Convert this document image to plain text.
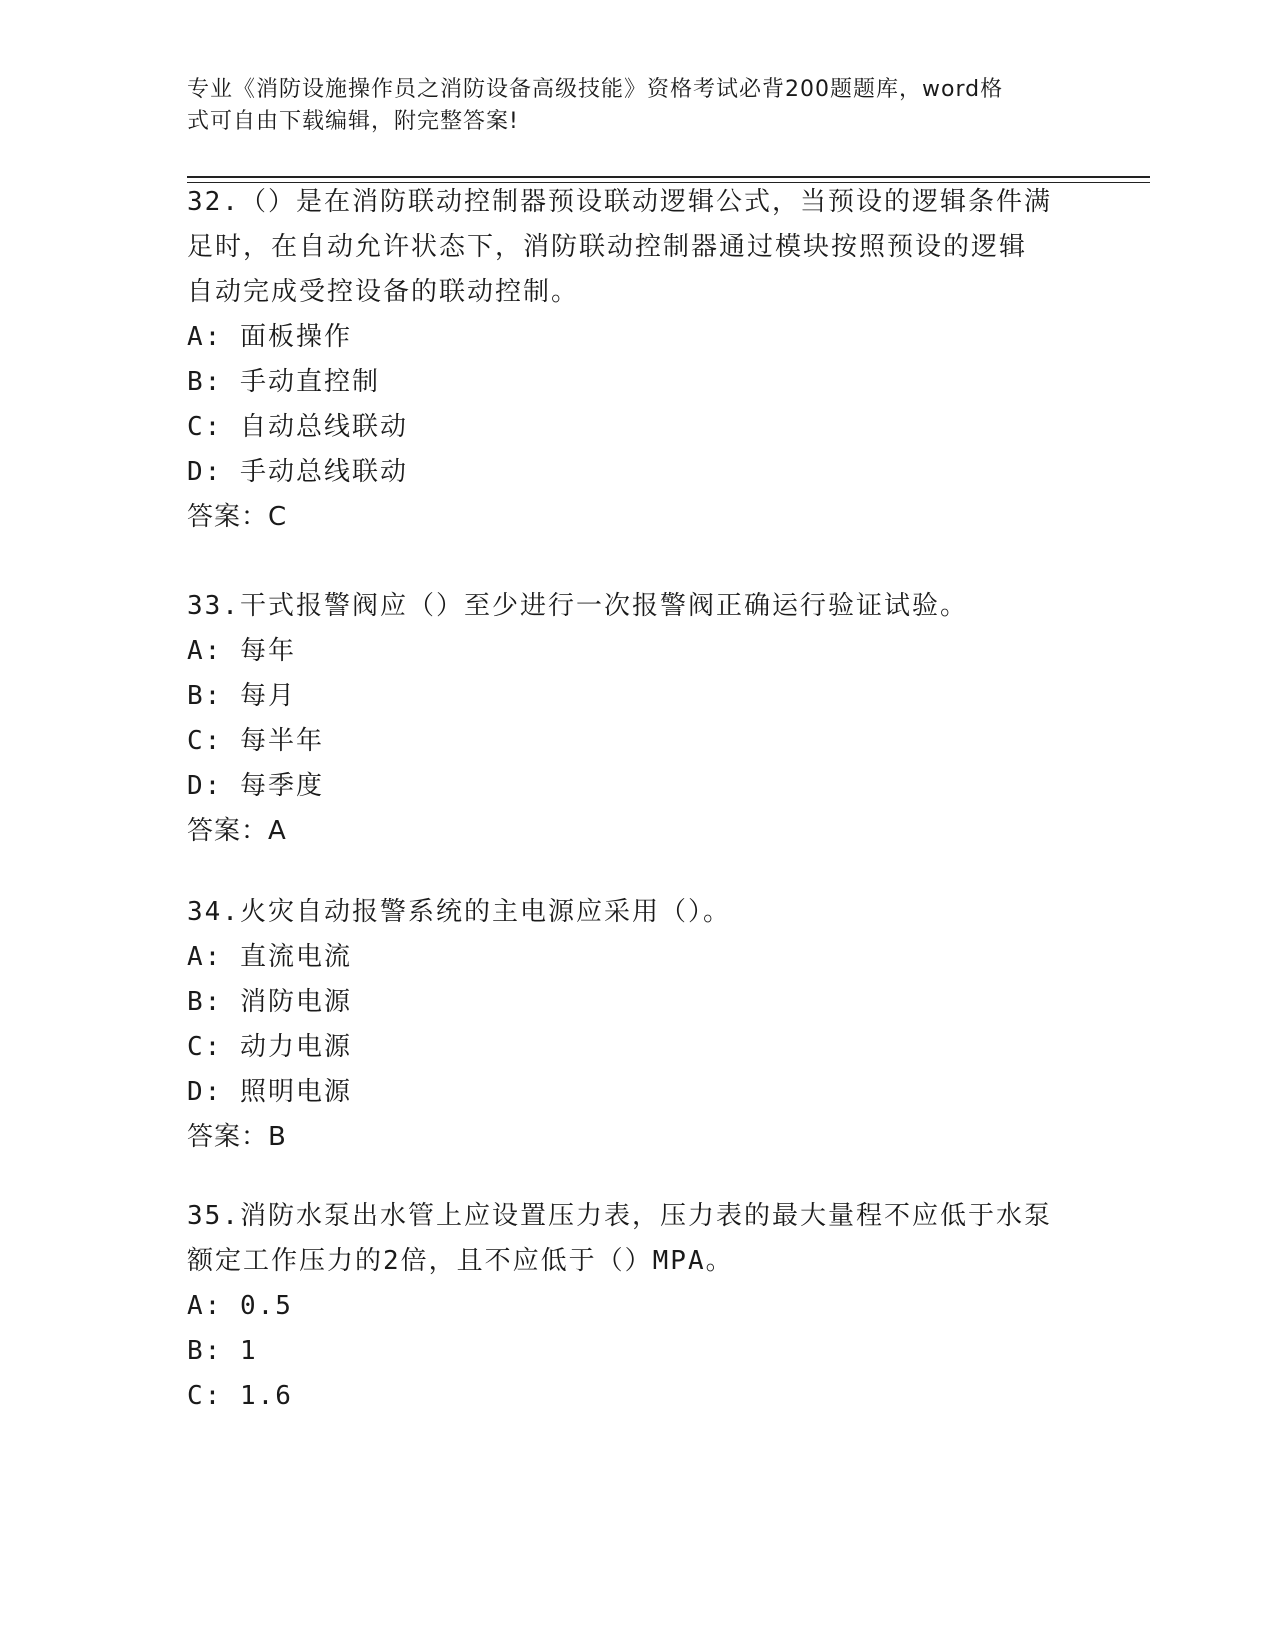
专业《消防设施操作员之消防设备高级技能》资格考试必背200题题库，word格
式可自由下载编辑，附完整答案!

32.（）是在消防联动控制器预设联动逻辑公式，当预设的逻辑条件满

足时，在自动允许状态下，消防联动控制器通过模块按照预设的逻辑

自动完成受控设备的联动控制。

A: 面板操作

B: 手动直控制

C: 自动总线联动

D: 手动总线联动

答案：C

33.干式报警阀应（）至少进行一次报警阀正确运行验证试验。

A: 每年

B: 每月

C: 每半年

D: 每季度

答案：A

34.火灾自动报警系统的主电源应采用（）。

A: 直流电流

B: 消防电源

C: 动力电源

D: 照明电源

答案：B

35.消防水泵出水管上应设置压力表，压力表的最大量程不应低于水泵

额定工作压力的2倍，且不应低于（）MPA。

A: 0.5

B: 1

C: 1.6
